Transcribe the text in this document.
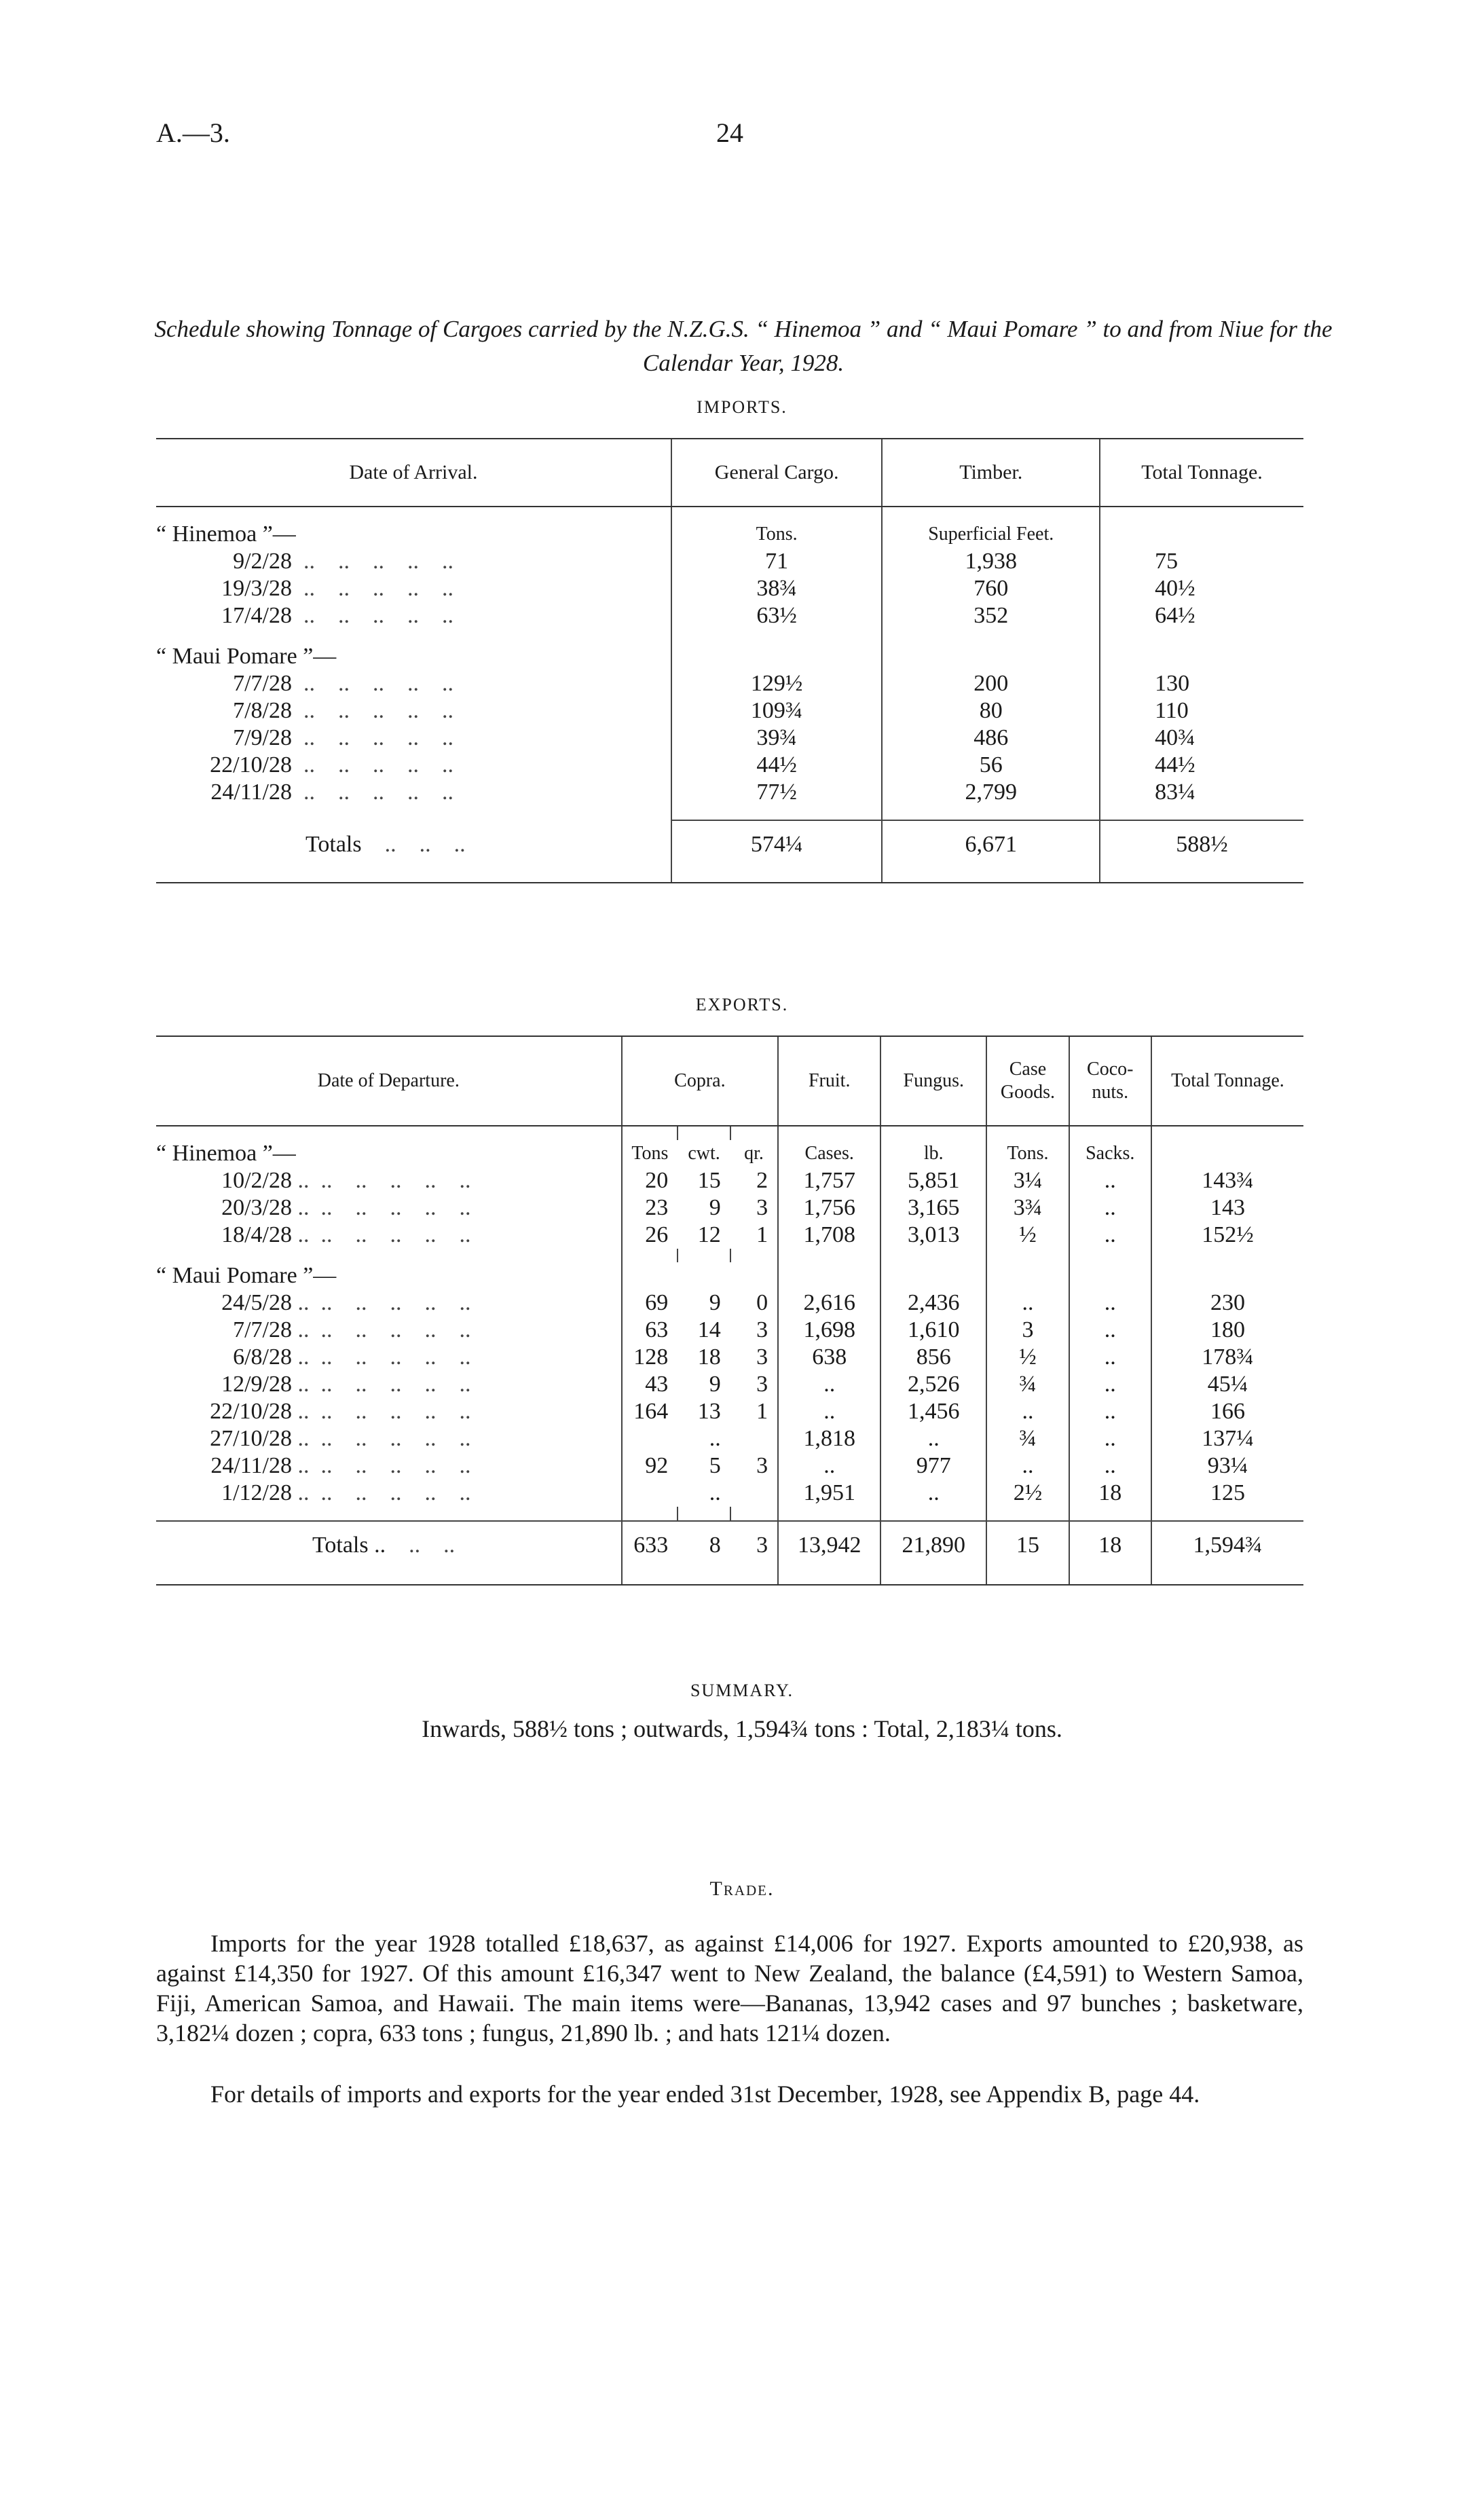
A.—3.	24
Schedule showing Tonnage of Cargoes carried by the N.Z.G.S. “ Hinemoa ” and “ Maui Pomare ” to and from Niue for the Calendar Year, 1928.
IMPORTS.
Date of Arrival.	General Cargo.	Timber.	Total Tonnage.

“ Hinemoa ”—	Tons.	Superficial Feet.	
9/2/28  ..    ..    ..    ..    ..	71	1,938	75
19/3/28  ..    ..    ..    ..    ..	38¾	760	40½
17/4/28  ..    ..    ..    ..    ..	63½	352	64½

“ Maui Pomare ”—			
7/7/28  ..    ..    ..    ..    ..	129½	200	130
7/8/28  ..    ..    ..    ..    ..	109¾	80	110
7/9/28  ..    ..    ..    ..    ..	39¾	486	40¾
22/10/28  ..    ..    ..    ..    ..	44½	56	44½
24/11/28  ..    ..    ..    ..    ..	77½	2,799	83¼

Totals    ..    ..    ..	574¼	6,671	588½

EXPORTS.
Date of Departure.	Copra.			Fruit.	Fungus.	Case Goods.	Coco-nuts.	Total Tonnage.

“ Hinemoa ”—	Tons	cwt.	qr.	Cases.	lb.	Tons.	Sacks.	
10/2/28 ..  ..    ..    ..    ..    ..	20	15	2	1,757	5,851	3¼	..	143¾
20/3/28 ..  ..    ..    ..    ..    ..	23	9	3	1,756	3,165	3¾	..	143
18/4/28 ..  ..    ..    ..    ..    ..	26	12	1	1,708	3,013	½	..	152½

“ Maui Pomare ”—								
24/5/28 ..  ..    ..    ..    ..    ..	69	9	0	2,616	2,436	..	..	230
7/7/28 ..  ..    ..    ..    ..    ..	63	14	3	1,698	1,610	3	..	180
6/8/28 ..  ..    ..    ..    ..    ..	128	18	3	638	856	½	..	178¾
12/9/28 ..  ..    ..    ..    ..    ..	43	9	3	..	2,526	¾	..	45¼
22/10/28 ..  ..    ..    ..    ..    ..	164	13	1	..	1,456	..	..	166
27/10/28 ..  ..    ..    ..    ..    ..		..		1,818	..	¾	..	137¼
24/11/28 ..  ..    ..    ..    ..    ..	92	5	3	..	977	..	..	93¼
1/12/28 ..  ..    ..    ..    ..    ..		..		1,951	..	2½	18	125

Totals ..    ..    ..	633	8	3	13,942	21,890	15	18	1,594¾

SUMMARY.
Inwards, 588½ tons ; outwards, 1,594¾ tons : Total, 2,183¼ tons.
Trade.
Imports for the year 1928 totalled £18,637, as against £14,006 for 1927. Exports amounted to £20,938, as against £14,350 for 1927. Of this amount £16,347 went to New Zealand, the balance (£4,591) to Western Samoa, Fiji, American Samoa, and Hawaii. The main items were—Bananas, 13,942 cases and 97 bunches ; basketware, 3,182¼ dozen ; copra, 633 tons ; fungus, 21,890 lb. ; and hats 121¼ dozen.
For details of imports and exports for the year ended 31st December, 1928, see Appendix B, page 44.
